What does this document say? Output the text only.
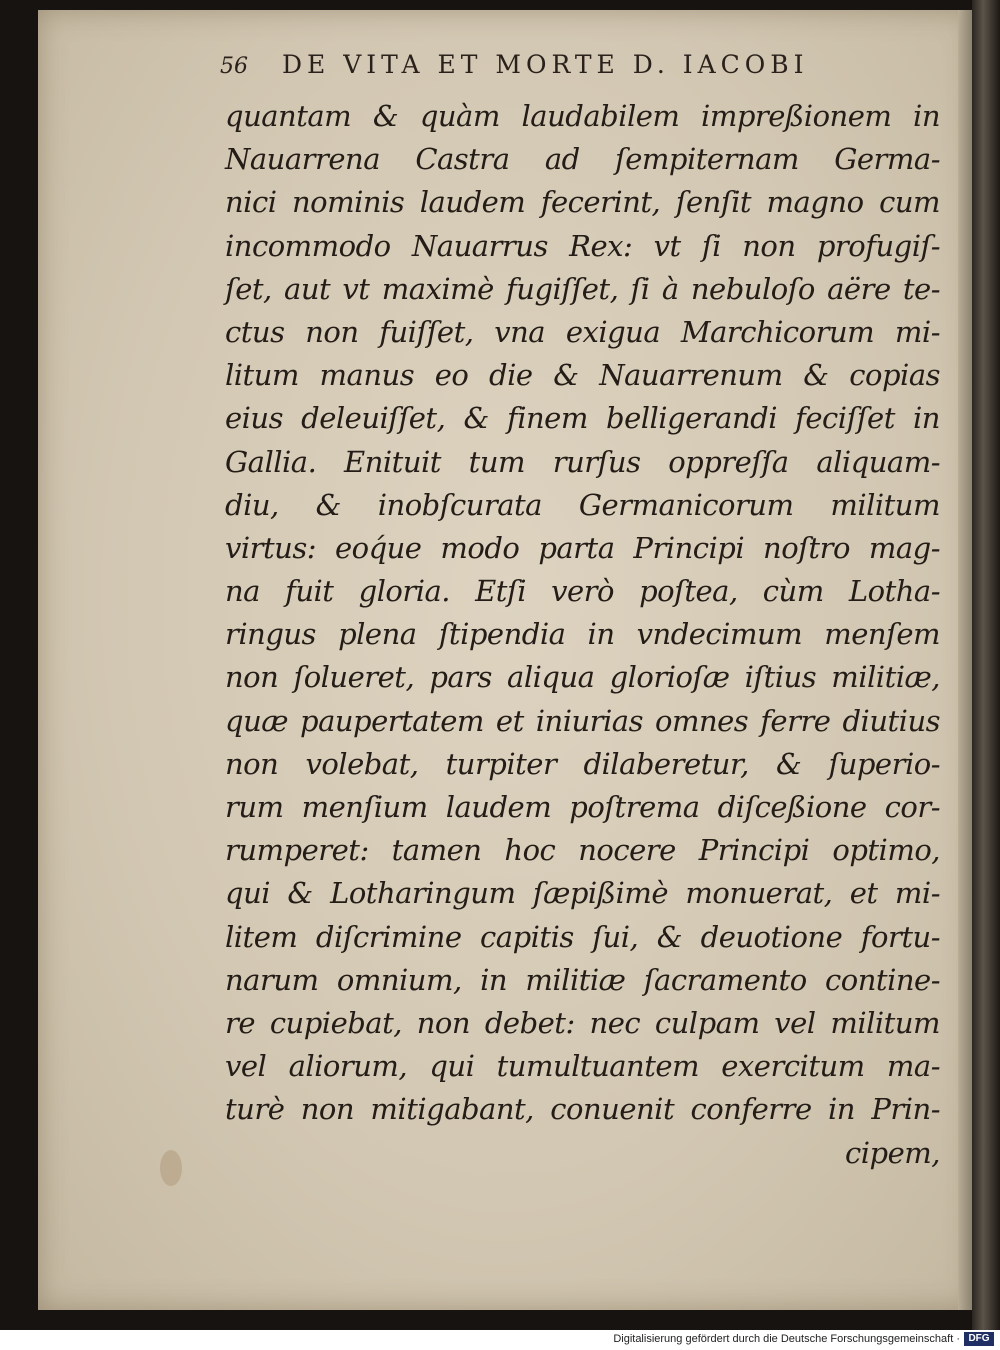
56 DE VITA ET MORTE D. IACOBI
quantam & quàm laudabilem impreßionem in
Nauarrena Castra ad ſempiternam Germa-
nici nominis laudem fecerint, ſenſit magno cum
incommodo Nauarrus Rex: vt ſi non profugiſ-
ſet, aut vt maximè fugiſſet, ſi à nebuloſo aëre te-
ctus non fuiſſet, vna exigua Marchicorum mi-
litum manus eo die & Nauarrenum & copias
eius deleuiſſet, & finem belligerandi feciſſet in
Gallia. Enituit tum rurſus oppreſſa aliquam-
diu, & inobſcurata Germanicorum militum
virtus: eoq́ue modo parta Principi noſtro mag-
na fuit gloria. Etſi verò poſtea, cùm Lotha-
ringus plena ſtipendia in vndecimum menſem
non ſolueret, pars aliqua glorioſæ iſtius militiæ,
quæ paupertatem et iniurias omnes ferre diutius
non volebat, turpiter dilaberetur, & ſuperio-
rum menſium laudem poſtrema diſceßione cor-
rumperet: tamen hoc nocere Principi optimo,
qui & Lotharingum ſæpißimè monuerat, et mi-
litem diſcrimine capitis ſui, & deuotione fortu-
narum omnium, in militiæ ſacramento contine-
re cupiebat, non debet: nec culpam vel militum
vel aliorum, qui tumultuantem exercitum ma-
turè non mitigabant, conuenit conferre in Prin-
cipem,
Digitalisierung gefördert durch die Deutsche Forschungsgemeinschaft · DFG
